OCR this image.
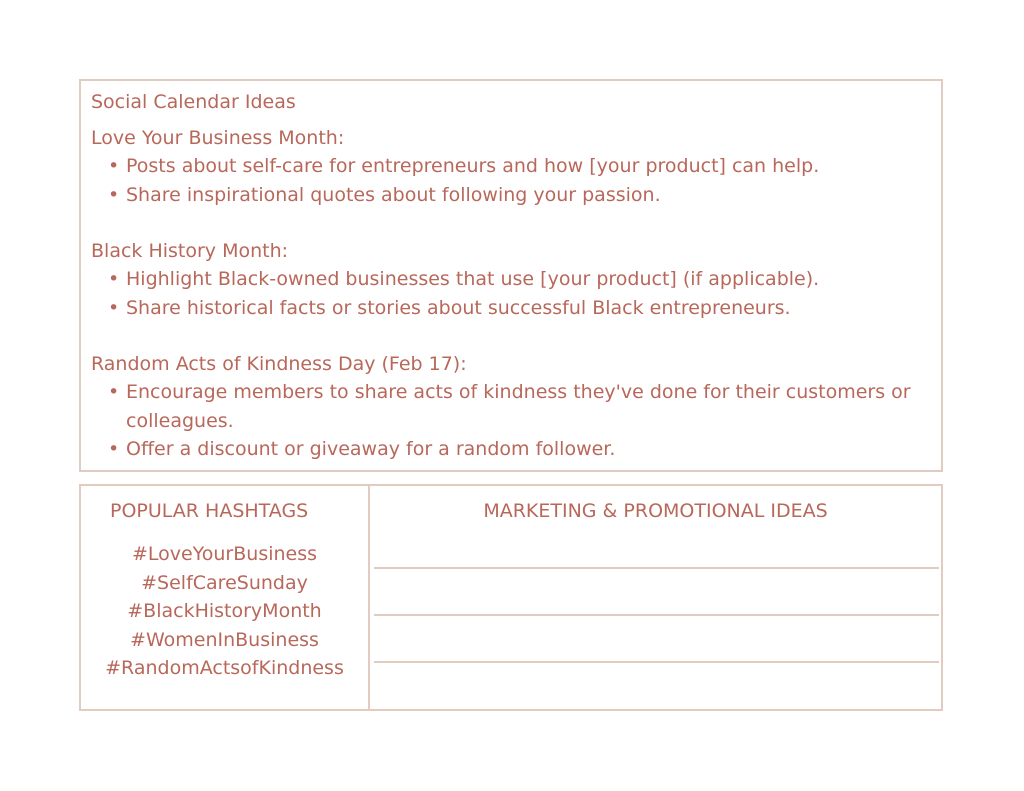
Social Calendar Ideas
Love Your Business Month:
• Posts about self-care for entrepreneurs and how [your product] can help.
• Share inspirational quotes about following your passion.
Black History Month:
• Highlight Black-owned businesses that use [your product] (if applicable).
• Share historical facts or stories about successful Black entrepreneurs.
Random Acts of Kindness Day (Feb 17):
• Encourage members to share acts of kindness they've done for their customers or colleagues.
• Offer a discount or giveaway for a random follower.
POPULAR HASHTAGS
#LoveYourBusiness
#SelfCareSunday
#BlackHistoryMonth
#WomenInBusiness
#RandomActsofKindness
MARKETING & PROMOTIONAL IDEAS
